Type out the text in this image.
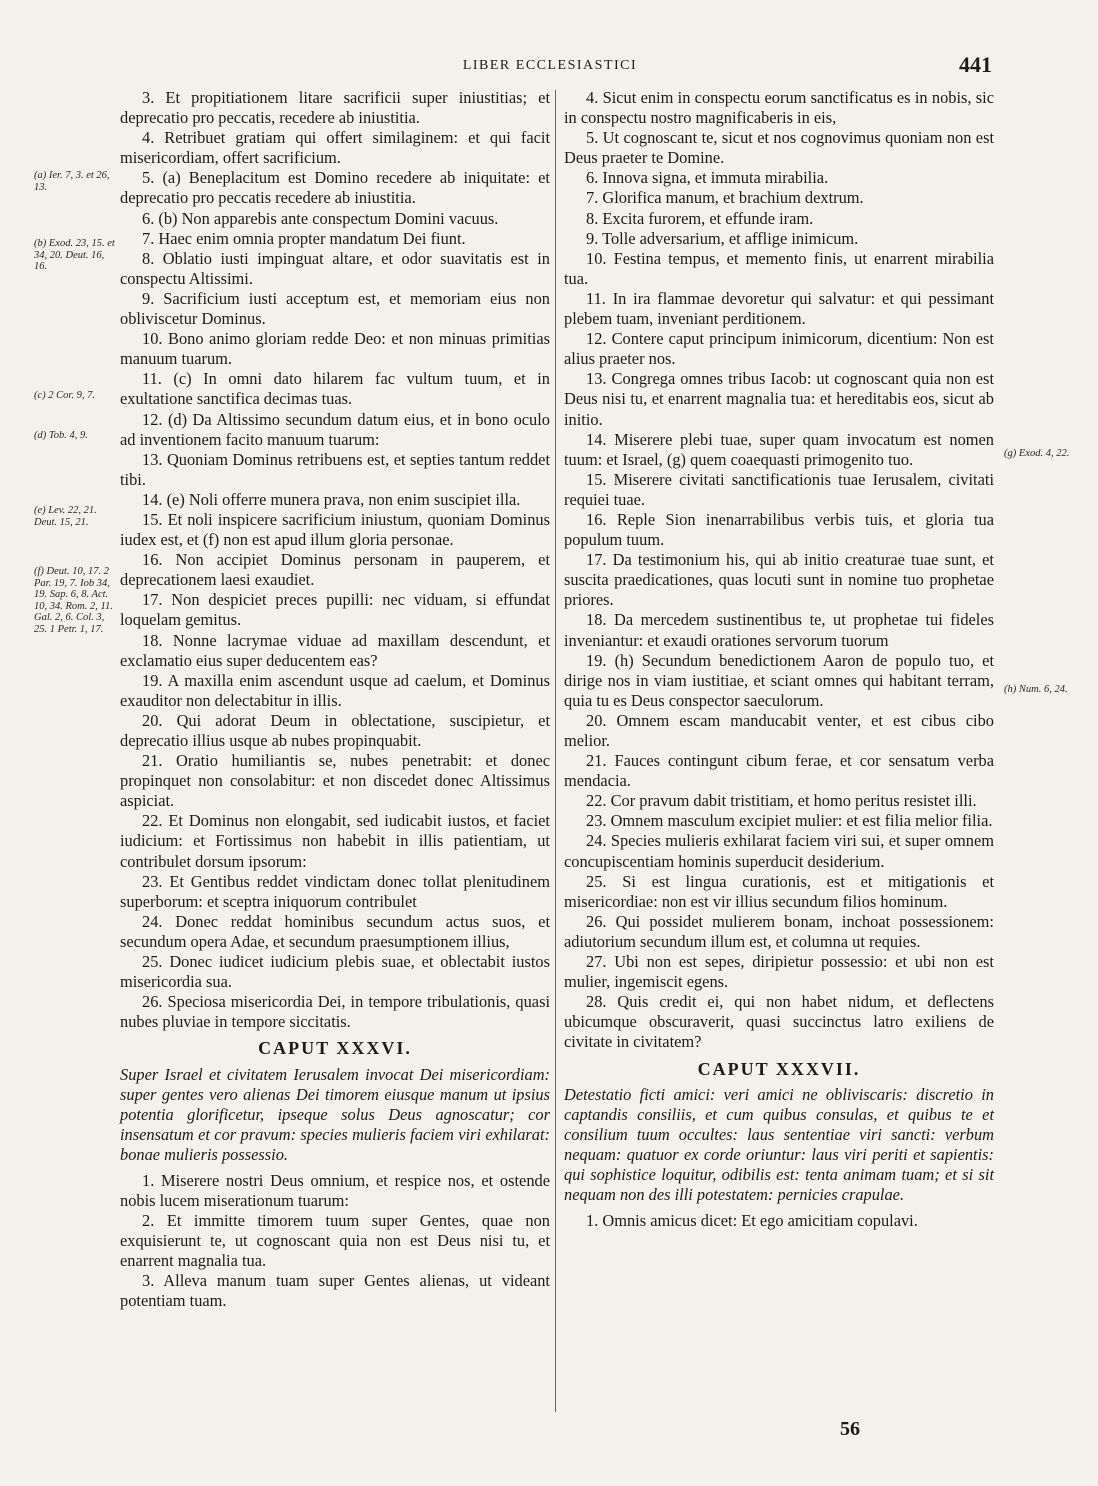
LIBER ECCLESIASTICI	441
(a) Ier. 7, 3. et 26, 13.
(b) Exod. 23, 15. et 34, 20. Deut. 16, 16.
(c) 2 Cor. 9, 7.
(d) Tob. 4, 9.
(e) Lev. 22, 21. Deut. 15, 21.
(f) Deut. 10, 17. 2 Par. 19, 7. Iob 34, 19. Sap. 6, 8. Act. 10, 34. Rom. 2, 11. Gal. 2, 6. Col. 3, 25. 1 Petr. 1, 17.

3. Et propitiationem litare sacrificii super iniustitias; et deprecatio pro peccatis, recedere ab iniustitia.

4. Retribuet gratiam qui offert similaginem: et qui facit misericordiam, offert sacrificium.

5. (a) Beneplacitum est Domino recedere ab iniquitate: et deprecatio pro peccatis recedere ab iniustitia.

6. (b) Non apparebis ante conspectum Domini vacuus.

7. Haec enim omnia propter mandatum Dei fiunt.

8. Oblatio iusti impinguat altare, et odor suavitatis est in conspectu Altissimi.

9. Sacrificium iusti acceptum est, et memoriam eius non obliviscetur Dominus.

10. Bono animo gloriam redde Deo: et non minuas primitias manuum tuarum.

11. (c) In omni dato hilarem fac vultum tuum, et in exultatione sanctifica decimas tuas.

12. (d) Da Altissimo secundum datum eius, et in bono oculo ad inventionem facito manuum tuarum:

13. Quoniam Dominus retribuens est, et septies tantum reddet tibi.

14. (e) Noli offerre munera prava, non enim suscipiet illa.

15. Et noli inspicere sacrificium iniustum, quoniam Dominus iudex est, et (f) non est apud illum gloria personae.

16. Non accipiet Dominus personam in pauperem, et deprecationem laesi exaudiet.

17. Non despiciet preces pupilli: nec viduam, si effundat loquelam gemitus.

18. Nonne lacrymae viduae ad maxillam descendunt, et exclamatio eius super deducentem eas?

19. A maxilla enim ascendunt usque ad caelum, et Dominus exauditor non delectabitur in illis.

20. Qui adorat Deum in oblectatione, suscipietur, et deprecatio illius usque ab nubes propinquabit.

21. Oratio humiliantis se, nubes penetrabit: et donec propinquet non consolabitur: et non discedet donec Altissimus aspiciat.

22. Et Dominus non elongabit, sed iudicabit iustos, et faciet iudicium: et Fortissimus non habebit in illis patientiam, ut contribulet dorsum ipsorum:

23. Et Gentibus reddet vindictam donec tollat plenitudinem superborum: et sceptra iniquorum contribulet

24. Donec reddat hominibus secundum actus suos, et secundum opera Adae, et secundum praesumptionem illius,

25. Donec iudicet iudicium plebis suae, et oblectabit iustos misericordia sua.

26. Speciosa misericordia Dei, in tempore tribulationis, quasi nubes pluviae in tempore siccitatis.

CAPUT XXXVI.

Super Israel et civitatem Ierusalem invocat Dei misericordiam: super gentes vero alienas Dei timorem eiusque manum ut ipsius potentia glorificetur, ipseque solus Deus agnoscatur; cor insensatum et cor pravum: species mulieris faciem viri exhilarat: bonae mulieris possessio.

1. Miserere nostri Deus omnium, et respice nos, et ostende nobis lucem miserationum tuarum:

2. Et immitte timorem tuum super Gentes, quae non exquisierunt te, ut cognoscant quia non est Deus nisi tu, et enarrent magnalia tua.

3. Alleva manum tuam super Gentes alienas, ut videant potentiam tuam.

4. Sicut enim in conspectu eorum sanctificatus es in nobis, sic in conspectu nostro magnificaberis in eis,

5. Ut cognoscant te, sicut et nos cognovimus quoniam non est Deus praeter te Domine.

6. Innova signa, et immuta mirabilia.

7. Glorifica manum, et brachium dextrum.

8. Excita furorem, et effunde iram.

9. Tolle adversarium, et afflige inimicum.

10. Festina tempus, et memento finis, ut enarrent mirabilia tua.

11. In ira flammae devoretur qui salvatur: et qui pessimant plebem tuam, inveniant perditionem.

12. Contere caput principum inimicorum, dicentium: Non est alius praeter nos.

13. Congrega omnes tribus Iacob: ut cognoscant quia non est Deus nisi tu, et enarrent magnalia tua: et hereditabis eos, sicut ab initio.

14. Miserere plebi tuae, super quam invocatum est nomen tuum: et Israel, (g) quem coaequasti primogenito tuo.

15. Miserere civitati sanctificationis tuae Ierusalem, civitati requiei tuae.

16. Reple Sion inenarrabilibus verbis tuis, et gloria tua populum tuum.

17. Da testimonium his, qui ab initio creaturae tuae sunt, et suscita praedicationes, quas locuti sunt in nomine tuo prophetae priores.

18. Da mercedem sustinentibus te, ut prophetae tui fideles inveniantur: et exaudi orationes servorum tuorum

19. (h) Secundum benedictionem Aaron de populo tuo, et dirige nos in viam iustitiae, et sciant omnes qui habitant terram, quia tu es Deus conspector saeculorum.

20. Omnem escam manducabit venter, et est cibus cibo melior.

21. Fauces contingunt cibum ferae, et cor sensatum verba mendacia.

22. Cor pravum dabit tristitiam, et homo peritus resistet illi.

23. Omnem masculum excipiet mulier: et est filia melior filia.

24. Species mulieris exhilarat faciem viri sui, et super omnem concupiscentiam hominis superducit desiderium.

25. Si est lingua curationis, est et mitigationis et misericordiae: non est vir illius secundum filios hominum.

26. Qui possidet mulierem bonam, inchoat possessionem: adiutorium secundum illum est, et columna ut requies.

27. Ubi non est sepes, diripietur possessio: et ubi non est mulier, ingemiscit egens.

28. Quis credit ei, qui non habet nidum, et deflectens ubicumque obscuraverit, quasi succinctus latro exiliens de civitate in civitatem?

CAPUT XXXVII.

Detestatio ficti amici: veri amici ne obliviscaris: discretio in captandis consiliis, et cum quibus consulas, et quibus te et consilium tuum occultes: laus sententiae viri sancti: verbum nequam: quatuor ex corde oriuntur: laus viri periti et sapientis: qui sophistice loquitur, odibilis est: tenta animam tuam; et si sit nequam non des illi potestatem: pernicies crapulae.

1. Omnis amicus dicet: Et ego amicitiam copulavi.

(g) Exod. 4, 22.
(h) Num. 6, 24.
56
